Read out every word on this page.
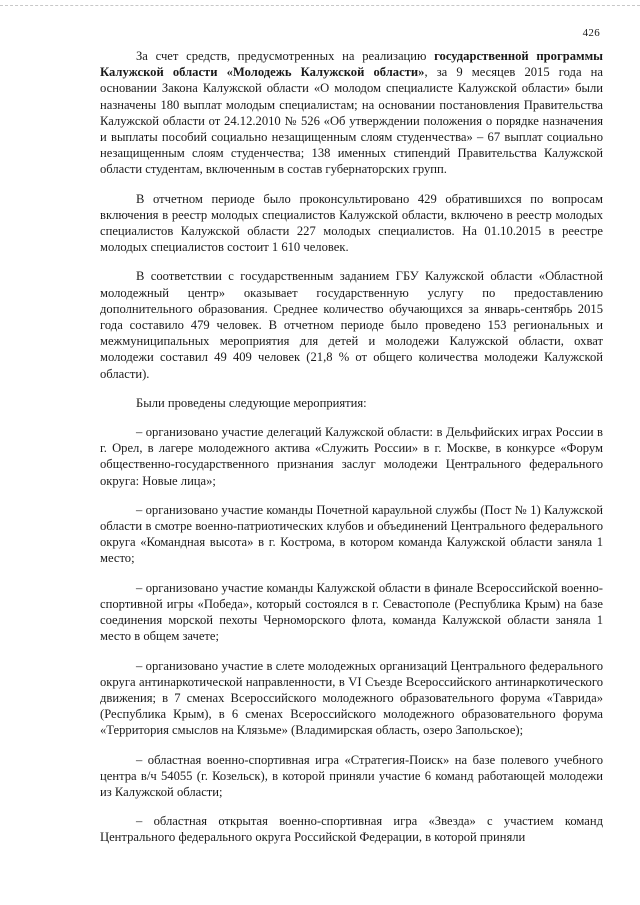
426

За счет средств, предусмотренных на реализацию государственной программы Калужской области «Молодежь Калужской области», за 9 месяцев 2015 года на основании Закона Калужской области «О молодом специалисте Калужской области» были назначены 180 выплат молодым специалистам; на основании постановления Правительства Калужской области от 24.12.2010 № 526 «Об утверждении положения о порядке назначения и выплаты пособий социально незащищенным слоям студенчества» – 67 выплат социально незащищенным слоям студенчества; 138 именных стипендий Правительства Калужской области студентам, включенным в состав губернаторских групп.

В отчетном периоде было проконсультировано 429 обратившихся по вопросам включения в реестр молодых специалистов Калужской области, включено в реестр молодых специалистов Калужской области 227 молодых специалистов. На 01.10.2015 в реестре молодых специалистов состоит 1 610 человек.

В соответствии с государственным заданием ГБУ Калужской области «Областной молодежный центр» оказывает государственную услугу по предоставлению дополнительного образования. Среднее количество обучающихся за январь-сентябрь 2015 года составило 479 человек. В отчетном периоде было проведено 153 региональных и межмуниципальных мероприятия для детей и молодежи Калужской области, охват молодежи составил 49 409 человек (21,8 % от общего количества молодежи Калужской области).

Были проведены следующие мероприятия:

– организовано участие делегаций Калужской области: в Дельфийских играх России в г. Орел, в лагере молодежного актива «Служить России» в г. Москве, в конкурсе «Форум общественно-государственного признания заслуг молодежи Центрального федерального округа: Новые лица»;

– организовано участие команды Почетной караульной службы (Пост № 1) Калужской области в смотре военно-патриотических клубов и объединений Центрального федерального округа «Командная высота» в г. Кострома, в котором команда Калужской области заняла 1 место;

– организовано участие команды Калужской области в финале Всероссийской военно-спортивной игры «Победа», который состоялся в г. Севастополе (Республика Крым) на базе соединения морской пехоты Черноморского флота, команда Калужской области заняла 1 место в общем зачете;

– организовано участие в слете молодежных организаций Центрального федерального округа антинаркотической направленности, в VI Съезде Всероссийского антинаркотического движения; в 7 сменах Всероссийского молодежного образовательного форума «Таврида» (Республика Крым), в 6 сменах Всероссийского молодежного образовательного форума «Территория смыслов на Клязьме» (Владимирская область, озеро Запольское);

– областная военно-спортивная игра «Стратегия-Поиск» на базе полевого учебного центра в/ч 54055 (г. Козельск), в которой приняли участие 6 команд работающей молодежи из Калужской области;

– областная открытая военно-спортивная игра «Звезда» с участием команд Центрального федерального округа Российской Федерации, в которой приняли
